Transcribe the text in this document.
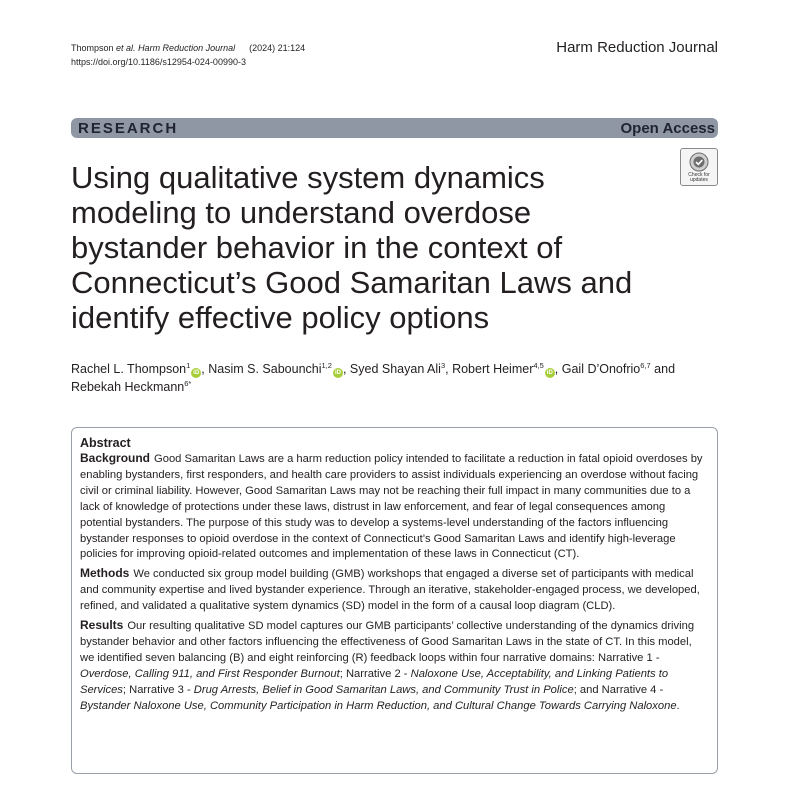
Thompson et al. Harm Reduction Journal (2024) 21:124
https://doi.org/10.1186/s12954-024-00990-3
Harm Reduction Journal
RESEARCH	Open Access
Using qualitative system dynamics modeling to understand overdose bystander behavior in the context of Connecticut’s Good Samaritan Laws and identify effective policy options
Check for updates
Rachel L. Thompson$^1$iD , Nasim S. Sabounchi$^{1,2}$iD , Syed Shayan Ali$^3$, Robert Heimer$^{4,5}$iD , Gail D’Onofrio$^{6,7}$ and
Rebekah Heckmann$^{6*}$
Abstract

Background Good Samaritan Laws are a harm reduction policy intended to facilitate a reduction in fatal opioid overdoses by enabling bystanders, first responders, and health care providers to assist individuals experiencing an overdose without facing civil or criminal liability. However, Good Samaritan Laws may not be reaching their full impact in many communities due to a lack of knowledge of protections under these laws, distrust in law enforcement, and fear of legal consequences among potential bystanders. The purpose of this study was to develop a systems-level understanding of the factors influencing bystander responses to opioid overdose in the context of Connecticut’s Good Samaritan Laws and identify high-leverage policies for improving opioid-related outcomes and implementation of these laws in Connecticut (CT).

Methods We conducted six group model building (GMB) workshops that engaged a diverse set of participants with medical and community expertise and lived bystander experience. Through an iterative, stakeholder-engaged process, we developed, refined, and validated a qualitative system dynamics (SD) model in the form of a causal loop diagram (CLD).

Results Our resulting qualitative SD model captures our GMB participants’ collective understanding of the dynamics driving bystander behavior and other factors influencing the effectiveness of Good Samaritan Laws in the state of CT. In this model, we identified seven balancing (B) and eight reinforcing (R) feedback loops within four narrative domains: Narrative 1 - Overdose, Calling 911, and First Responder Burnout; Narrative 2 - Naloxone Use, Acceptability, and Linking Patients to Services; Narrative 3 - Drug Arrests, Belief in Good Samaritan Laws, and Community Trust in Police; and Narrative 4 - Bystander Naloxone Use, Community Participation in Harm Reduction, and Cultural Change Towards Carrying Naloxone.
